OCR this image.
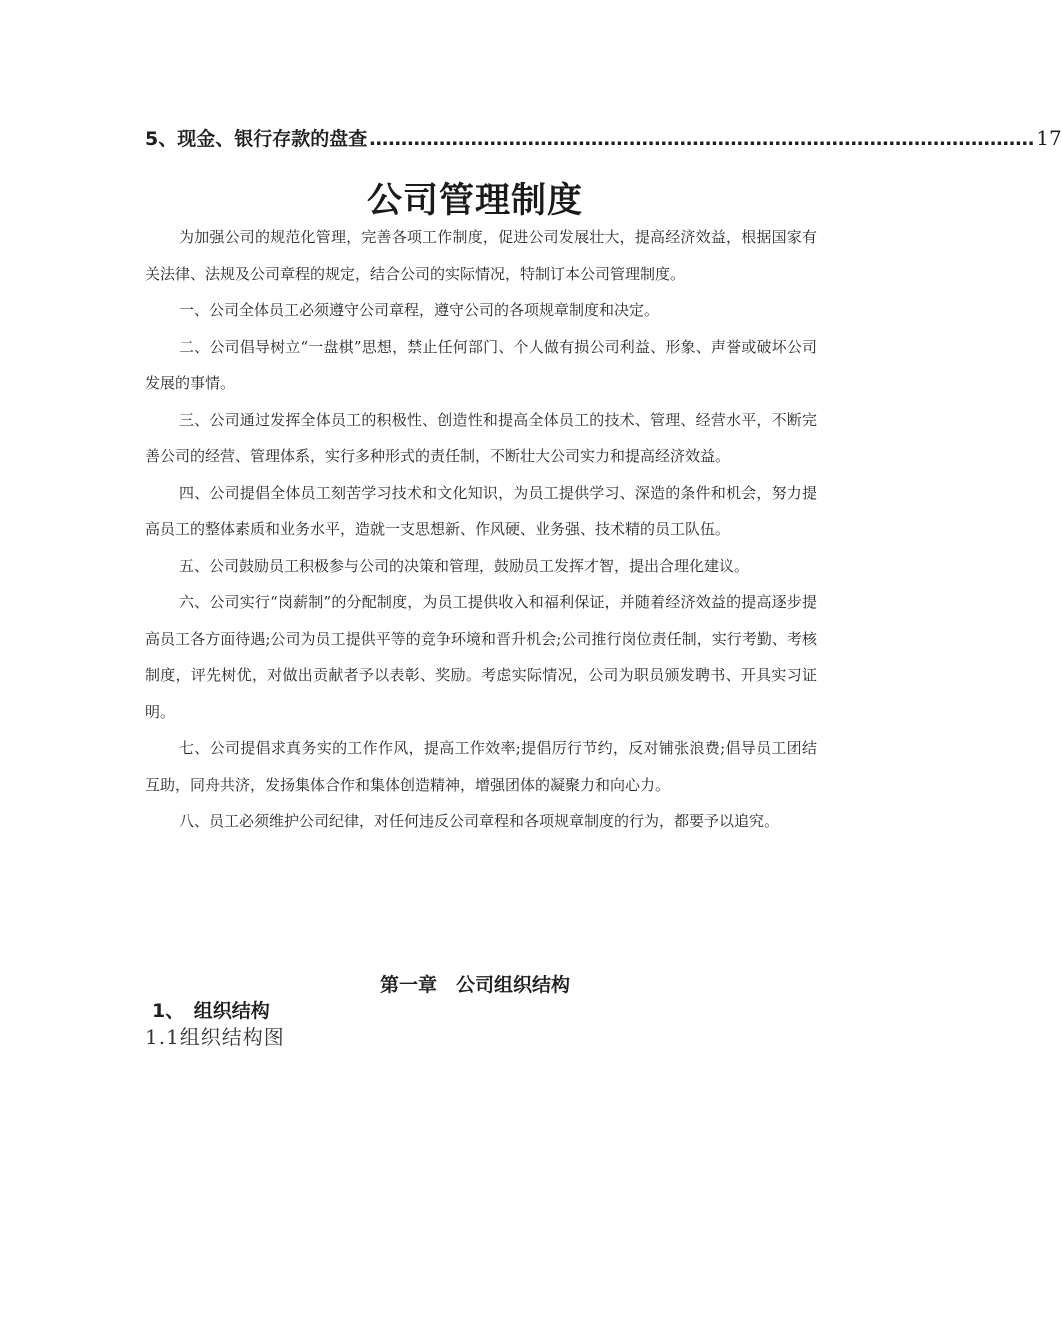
5、现金、银行存款的盘查 …………………………………………………………………………………………… 17
公司管理制度

为加强公司的规范化管理，完善各项工作制度，促进公司发展壮大，提高经济效益，根据国家有关法律、法规及公司章程的规定，结合公司的实际情况，特制订本公司管理制度。

一、公司全体员工必须遵守公司章程，遵守公司的各项规章制度和决定。

二、公司倡导树立“一盘棋”思想，禁止任何部门、个人做有损公司利益、形象、声誉或破坏公司发展的事情。

三、公司通过发挥全体员工的积极性、创造性和提高全体员工的技术、管理、经营水平，不断完善公司的经营、管理体系，实行多种形式的责任制，不断壮大公司实力和提高经济效益。

四、公司提倡全体员工刻苦学习技术和文化知识，为员工提供学习、深造的条件和机会，努力提高员工的整体素质和业务水平，造就一支思想新、作风硬、业务强、技术精的员工队伍。

五、公司鼓励员工积极参与公司的决策和管理，鼓励员工发挥才智，提出合理化建议。

六、公司实行“岗薪制”的分配制度，为员工提供收入和福利保证，并随着经济效益的提高逐步提高员工各方面待遇;公司为员工提供平等的竞争环境和晋升机会;公司推行岗位责任制，实行考勤、考核制度，评先树优，对做出贡献者予以表彰、奖励。考虑实际情况，公司为职员颁发聘书、开具实习证明。

七、公司提倡求真务实的工作作风，提高工作效率;提倡厉行节约，反对铺张浪费;倡导员工团结互助，同舟共济，发扬集体合作和集体创造精神，增强团体的凝聚力和向心力。

八、员工必须维护公司纪律，对任何违反公司章程和各项规章制度的行为，都要予以追究。

第一章　公司组织结构
1、　组织结构
1.1组织结构图
